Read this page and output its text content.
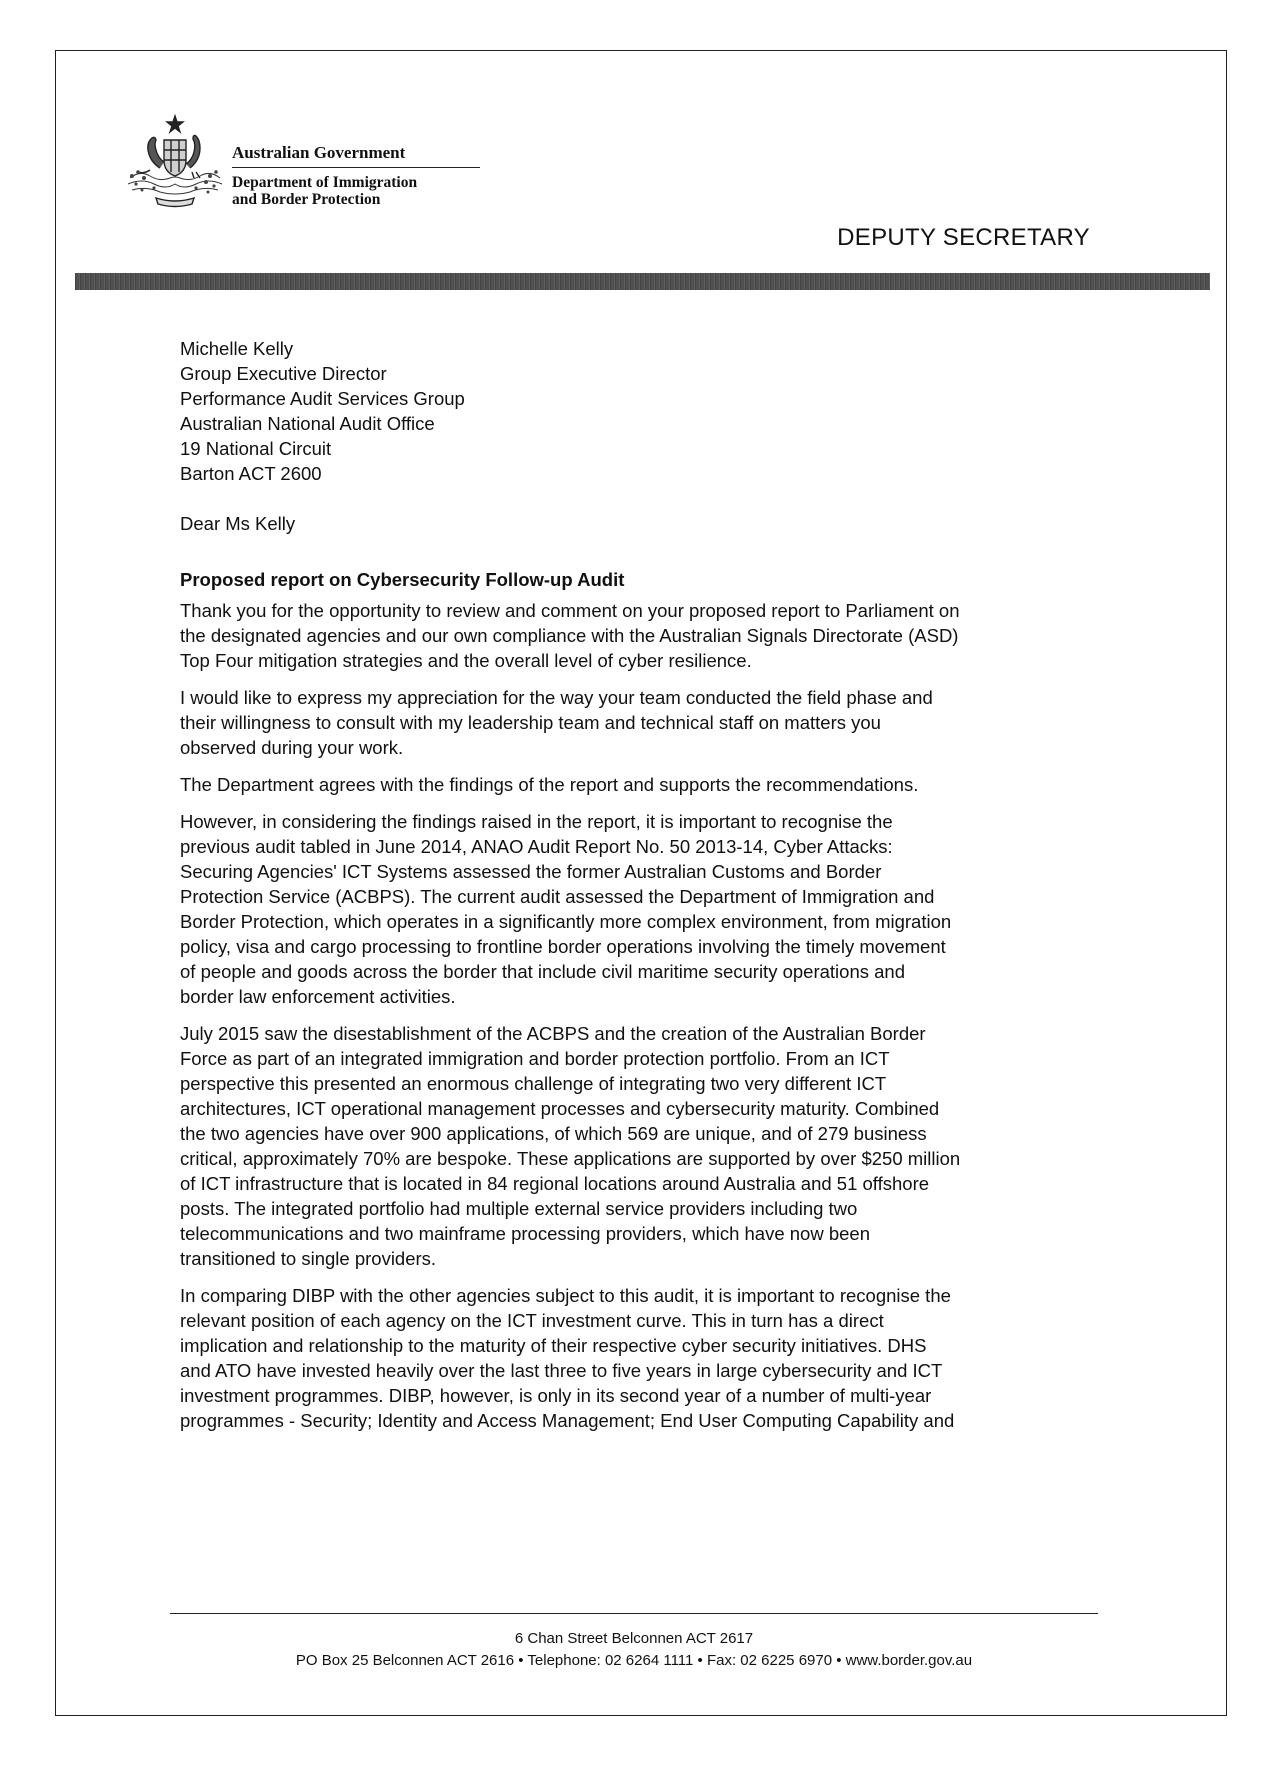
Australian Government
Department of Immigration
and Border Protection
DEPUTY SECRETARY
Michelle Kelly
Group Executive Director
Performance Audit Services Group
Australian National Audit Office
19 National Circuit
Barton ACT 2600
Dear Ms Kelly
Proposed report on Cybersecurity Follow-up Audit
Thank you for the opportunity to review and comment on your proposed report to Parliament on
the designated agencies and our own compliance with the Australian Signals Directorate (ASD)
Top Four mitigation strategies and the overall level of cyber resilience.
I would like to express my appreciation for the way your team conducted the field phase and
their willingness to consult with my leadership team and technical staff on matters you
observed during your work.
The Department agrees with the findings of the report and supports the recommendations.
However, in considering the findings raised in the report, it is important to recognise the
previous audit tabled in June 2014, ANAO Audit Report No. 50 2013-14, Cyber Attacks:
Securing Agencies' ICT Systems assessed the former Australian Customs and Border
Protection Service (ACBPS). The current audit assessed the Department of Immigration and
Border Protection, which operates in a significantly more complex environment, from migration
policy, visa and cargo processing to frontline border operations involving the timely movement
of people and goods across the border that include civil maritime security operations and
border law enforcement activities.
July 2015 saw the disestablishment of the ACBPS and the creation of the Australian Border
Force as part of an integrated immigration and border protection portfolio. From an ICT
perspective this presented an enormous challenge of integrating two very different ICT
architectures, ICT operational management processes and cybersecurity maturity. Combined
the two agencies have over 900 applications, of which 569 are unique, and of 279 business
critical, approximately 70% are bespoke. These applications are supported by over $250 million
of ICT infrastructure that is located in 84 regional locations around Australia and 51 offshore
posts. The integrated portfolio had multiple external service providers including two
telecommunications and two mainframe processing providers, which have now been
transitioned to single providers.
In comparing DIBP with the other agencies subject to this audit, it is important to recognise the
relevant position of each agency on the ICT investment curve. This in turn has a direct
implication and relationship to the maturity of their respective cyber security initiatives. DHS
and ATO have invested heavily over the last three to five years in large cybersecurity and ICT
investment programmes. DIBP, however, is only in its second year of a number of multi-year
programmes - Security; Identity and Access Management; End User Computing Capability and
6 Chan Street Belconnen ACT 2617
PO Box 25 Belconnen ACT 2616 • Telephone: 02 6264 1111 • Fax: 02 6225 6970 • www.border.gov.au
